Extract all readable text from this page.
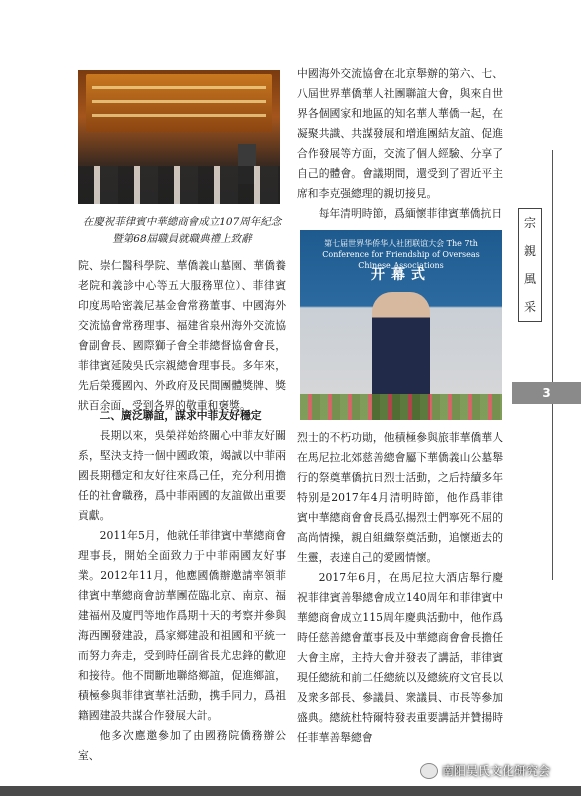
在慶祝菲律賓中華總商會成立107周年紀念暨第68屆職員就職典禮上致辭

院、崇仁醫科學院、華僑義山墓園、華僑養老院和義診中心等五大服務單位）、菲律賓印度馬哈密義尼基金會常務董事、中國海外交流協會常務理事、福建省泉州海外交流協會副會長、國際獅子會全菲總督協會會長，菲律賓延陵吳氏宗親總會理事長。多年來，先后榮獲國內、外政府及民間團體獎牌、獎狀百余面，受到各界的敬重和褒獎。

二、廣泛聯誼，謀求中菲友好穩定

長期以來，吳榮祥始終關心中菲友好關系，堅決支持一個中國政策，竭誠以中菲兩國長期穩定和友好往來爲己任，充分利用擔任的社會職務，爲中菲兩國的友誼做出重要貢獻。

2011年5月，他就任菲律賓中華總商會理事長，開始全面致力于中菲兩國友好事業。2012年11月，他應國僑辦邀請率領菲律賓中華總商會訪華團莅臨北京、南京、福建福州及廈門等地作爲期十天的考察并參與海西團發建設，爲家鄉建設和祖國和平統一而努力奔走，受到時任副省長尤忠鋒的歡迎和接待。他不間斷地聯絡鄉誼，促進鄉誼，積極參與菲律賓華社活動，携手同力，爲祖籍國建設共謀合作發展大計。

他多次應邀參加了由國務院僑務辦公室、

中國海外交流協會在北京舉辦的第六、七、八屆世界華僑華人社團聯誼大會，與來自世界各個國家和地區的知名華人華僑一起，在凝聚共識、共謀發展和增進團結友誼、促進合作發展等方面，交流了個人經驗、分享了自己的體會。會議期間，還受到了習近平主席和李克强總理的親切接見。

每年清明時節，爲緬懷菲律賓華僑抗日

第七届世界华侨华人社团联谊大会 The 7th Conference for Friendship of Overseas Chinese Associations
开幕式

烈士的不朽功勛，他積極參與旅菲華僑華人在馬尼拉北郊慈善總會屬下華僑義山公墓舉行的祭奠華僑抗日烈士活動，之后持續多年特别是2017年4月清明時節，他作爲菲律賓中華總商會會長爲弘揚烈士們寧死不屈的高尚情操，親自組織祭奠活動，追懷逝去的生靈，表達自己的愛國情懷。

2017年6月，在馬尼拉大酒店舉行慶祝菲律賓善舉總會成立140周年和菲律賓中華總商會成立115周年慶典活動中，他作爲時任慈善總會董事長及中華總商會會長擔任大會主席，主持大會并發表了講話，菲律賓現任總統和前二任總統以及總統府文官長以及衆多部長、參議員、衆議員、市長等參加盛典。總統杜特爾特發表重要講話并贊揚時任菲華善舉總會

宗
親
風
采
3
南阳吴氏文化研究会
